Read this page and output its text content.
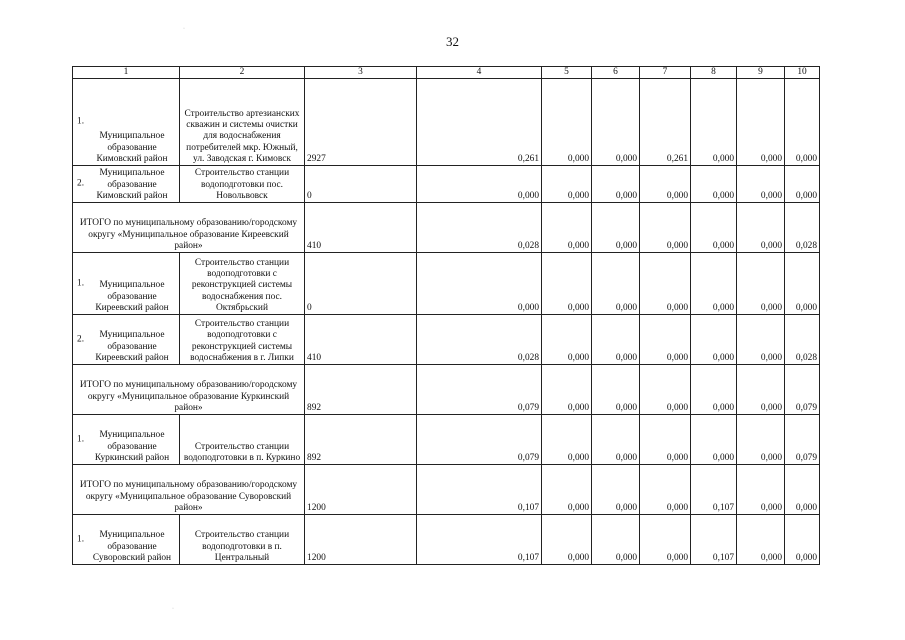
32
·
·
1	2	3	4	5	6	7	8	9	10

1.
Муниципальное образование Кимовский район	Строительство артезианских скважин и системы очистки для водоснабжения потребителей мкр. Южный, ул. Заводская г. Кимовск	2927	0,261	0,000	0,000	0,261	0,000	0,000	0,000

2.
Муниципальное образование Кимовский район	Строительство станции водоподготовки пос. Новольвовск	0	0,000	0,000	0,000	0,000	0,000	0,000	0,000
ИТОГО по муниципальному образованию/городскому округу «Муниципальное образование Киреевский район»		410	0,028	0,000	0,000	0,000	0,000	0,000	0,028

1. Муниципальное образование Киреевский район	Строительство станции водоподготовки с реконструкцией системы водоснабжения пос. Октябрьский	0	0,000	0,000	0,000	0,000	0,000	0,000	0,000

2. Муниципальное образование Киреевский район	Строительство станции водоподготовки с реконструкцией системы водоснабжения в г. Липки	410	0,028	0,000	0,000	0,000	0,000	0,000	0,028
ИТОГО по муниципальному образованию/городскому округу «Муниципальное образование Куркинский район»		892	0,079	0,000	0,000	0,000	0,000	0,000	0,079

1. Муниципальное образование Куркинский район	Строительство станции водоподготовки в п. Куркино	892	0,079	0,000	0,000	0,000	0,000	0,000	0,079
ИТОГО по муниципальному образованию/городскому округу «Муниципальное образование Суворовский район»		1200	0,107	0,000	0,000	0,000	0,107	0,000	0,000

1. Муниципальное образование Суворовский район	Строительство станции водоподготовки в п. Центральный	1200	0,107	0,000	0,000	0,000	0,107	0,000	0,000
